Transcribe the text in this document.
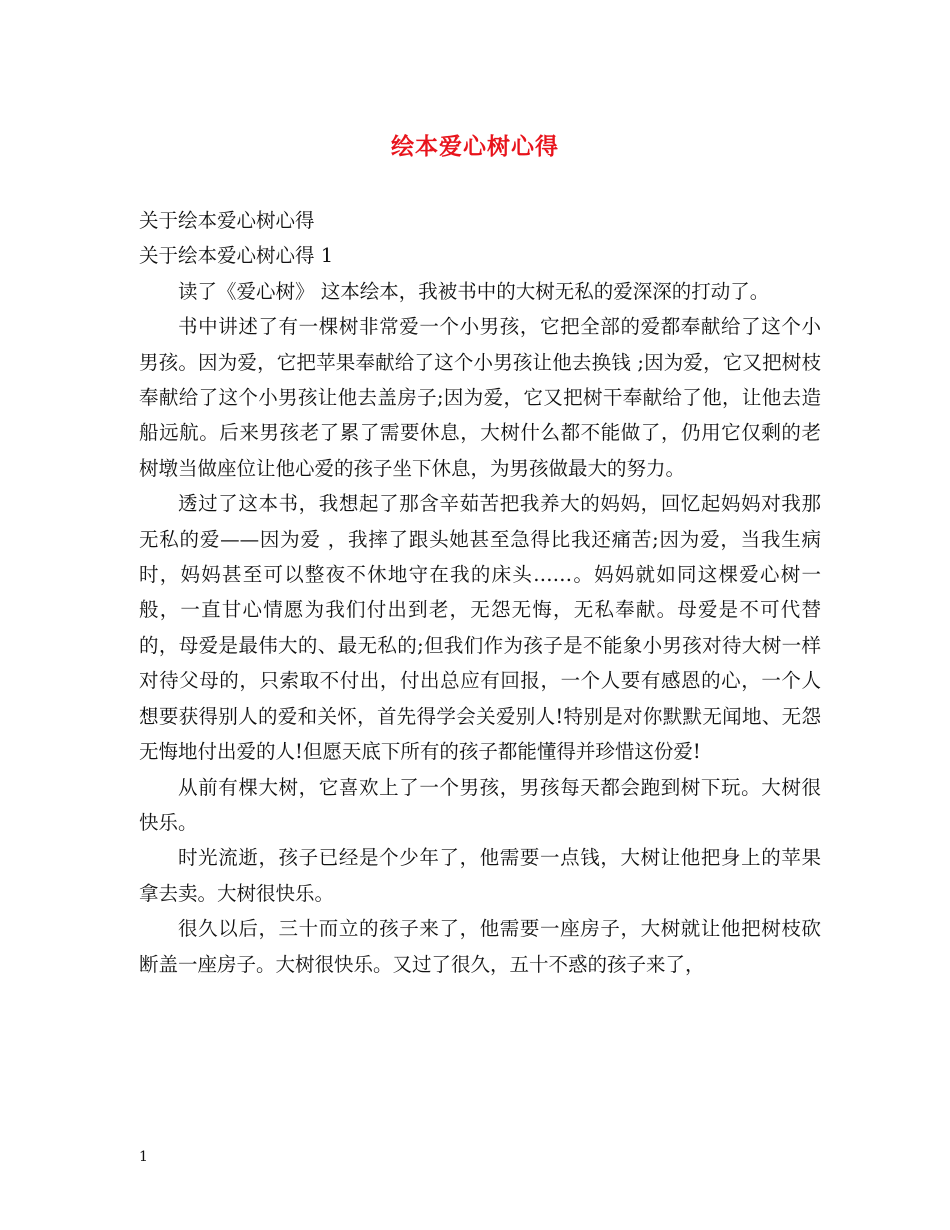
绘本爱心树心得

关于绘本爱心树心得

关于绘本爱心树心得 1

读了《爱心树》 这本绘本，我被书中的大树无私的爱深深的打动了。

书中讲述了有一棵树非常爱一个小男孩，它把全部的爱都奉献给了这个小男孩。因为爱，它把苹果奉献给了这个小男孩让他去换钱 ;因为爱，它又把树枝奉献给了这个小男孩让他去盖房子;因为爱，它又把树干奉献给了他，让他去造船远航。后来男孩老了累了需要休息，大树什么都不能做了，仍用它仅剩的老树墩当做座位让他心爱的孩子坐下休息，为男孩做最大的努力。

透过了这本书，我想起了那含辛茹苦把我养大的妈妈，回忆起妈妈对我那无私的爱——因为爱 ，我摔了跟头她甚至急得比我还痛苦;因为爱，当我生病时，妈妈甚至可以整夜不休地守在我的床头……。妈妈就如同这棵爱心树一般，一直甘心情愿为我们付出到老，无怨无悔，无私奉献。母爱是不可代替的，母爱是最伟大的、最无私的;但我们作为孩子是不能象小男孩对待大树一样对待父母的，只索取不付出，付出总应有回报，一个人要有感恩的心，一个人想要获得别人的爱和关怀，首先得学会关爱别人!特别是对你默默无闻地、无怨无悔地付出爱的人!但愿天底下所有的孩子都能懂得并珍惜这份爱!

从前有棵大树，它喜欢上了一个男孩，男孩每天都会跑到树下玩。大树很快乐。

时光流逝，孩子已经是个少年了，他需要一点钱，大树让他把身上的苹果拿去卖。大树很快乐。

很久以后，三十而立的孩子来了，他需要一座房子，大树就让他把树枝砍断盖一座房子。大树很快乐。又过了很久，五十不惑的孩子来了，

1
